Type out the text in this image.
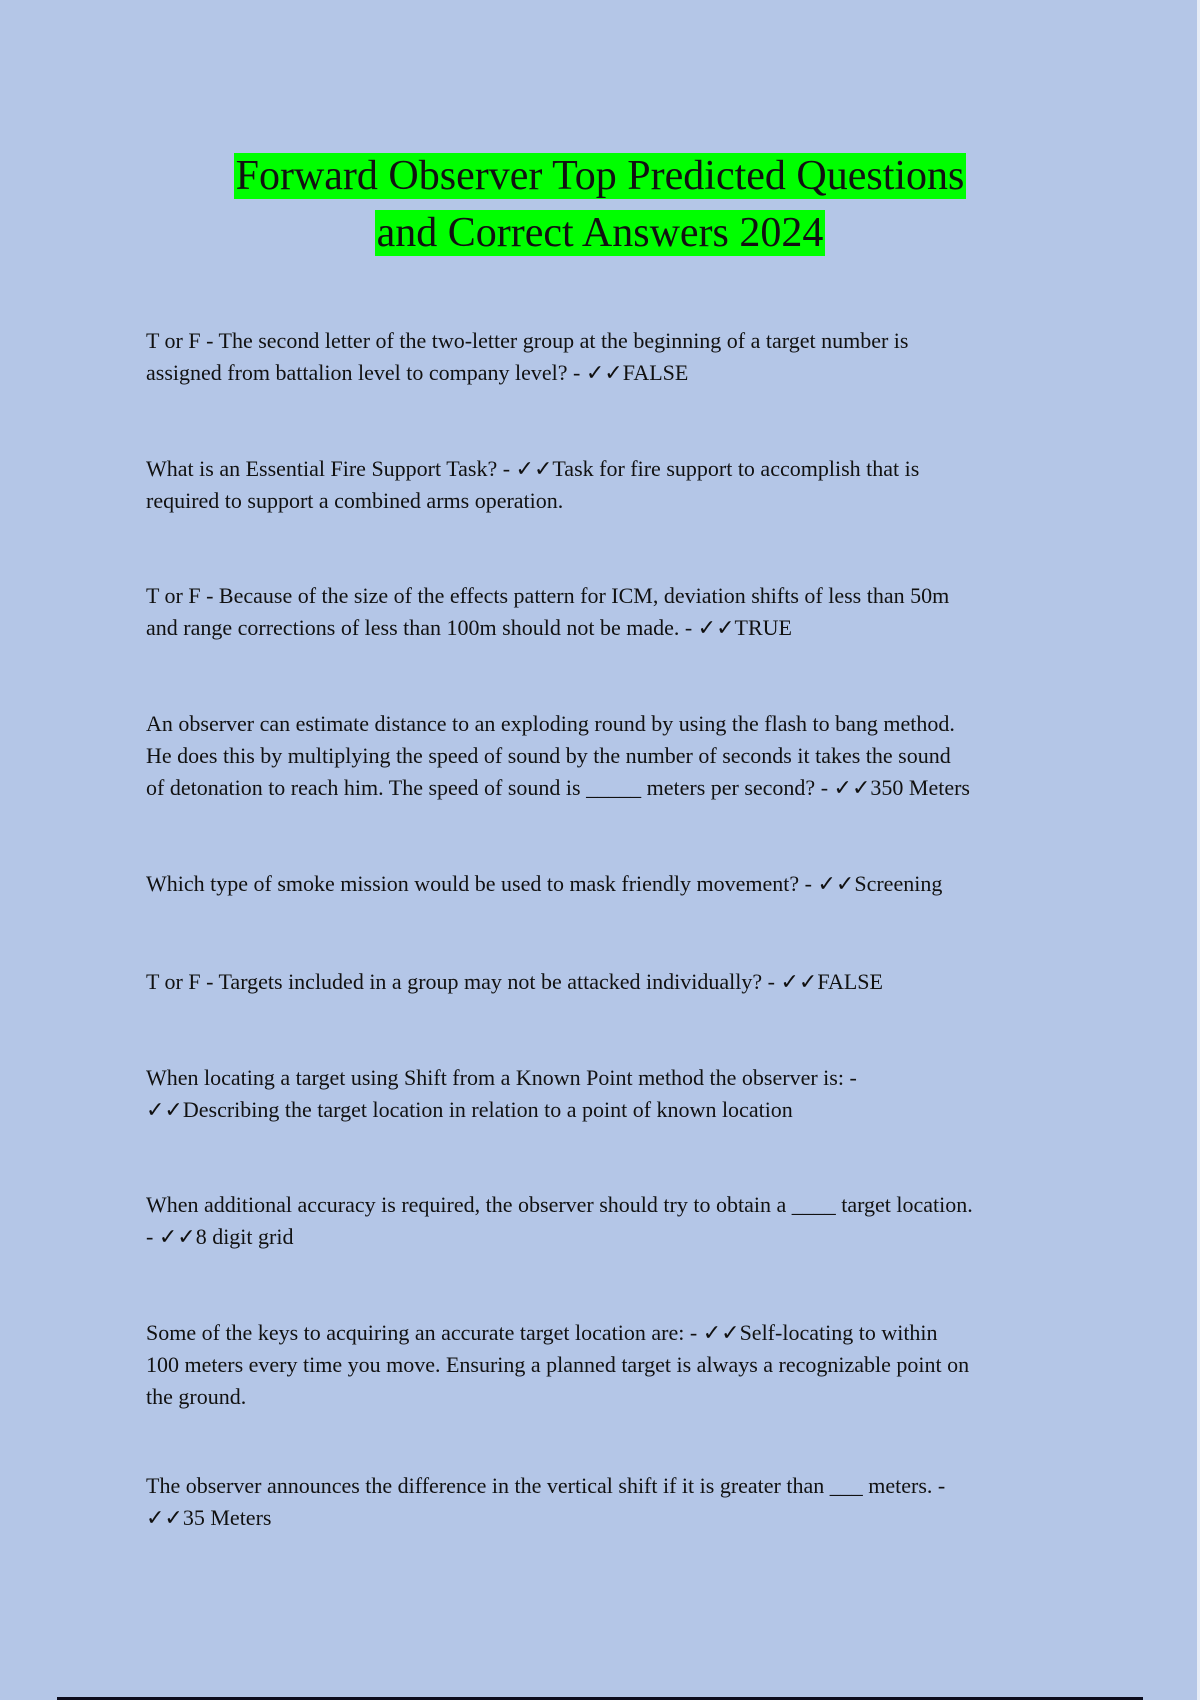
Forward Observer Top Predicted Questions
and Correct Answers 2024
T or F - The second letter of the two-letter group at the beginning of a target number is
assigned from battalion level to company level? - ✓✓FALSE
What is an Essential Fire Support Task? - ✓✓Task for fire support to accomplish that is
required to support a combined arms operation.
T or F - Because of the size of the effects pattern for ICM, deviation shifts of less than 50m
and range corrections of less than 100m should not be made. - ✓✓TRUE
An observer can estimate distance to an exploding round by using the flash to bang method.
He does this by multiplying the speed of sound by the number of seconds it takes the sound
of detonation to reach him. The speed of sound is _____ meters per second? - ✓✓350 Meters
Which type of smoke mission would be used to mask friendly movement? - ✓✓Screening
T or F - Targets included in a group may not be attacked individually? - ✓✓FALSE
When locating a target using Shift from a Known Point method the observer is: -
✓✓Describing the target location in relation to a point of known location
When additional accuracy is required, the observer should try to obtain a ____ target location.
- ✓✓8 digit grid
Some of the keys to acquiring an accurate target location are: - ✓✓Self-locating to within
100 meters every time you move. Ensuring a planned target is always a recognizable point on
the ground.
The observer announces the difference in the vertical shift if it is greater than ___ meters. -
✓✓35 Meters
